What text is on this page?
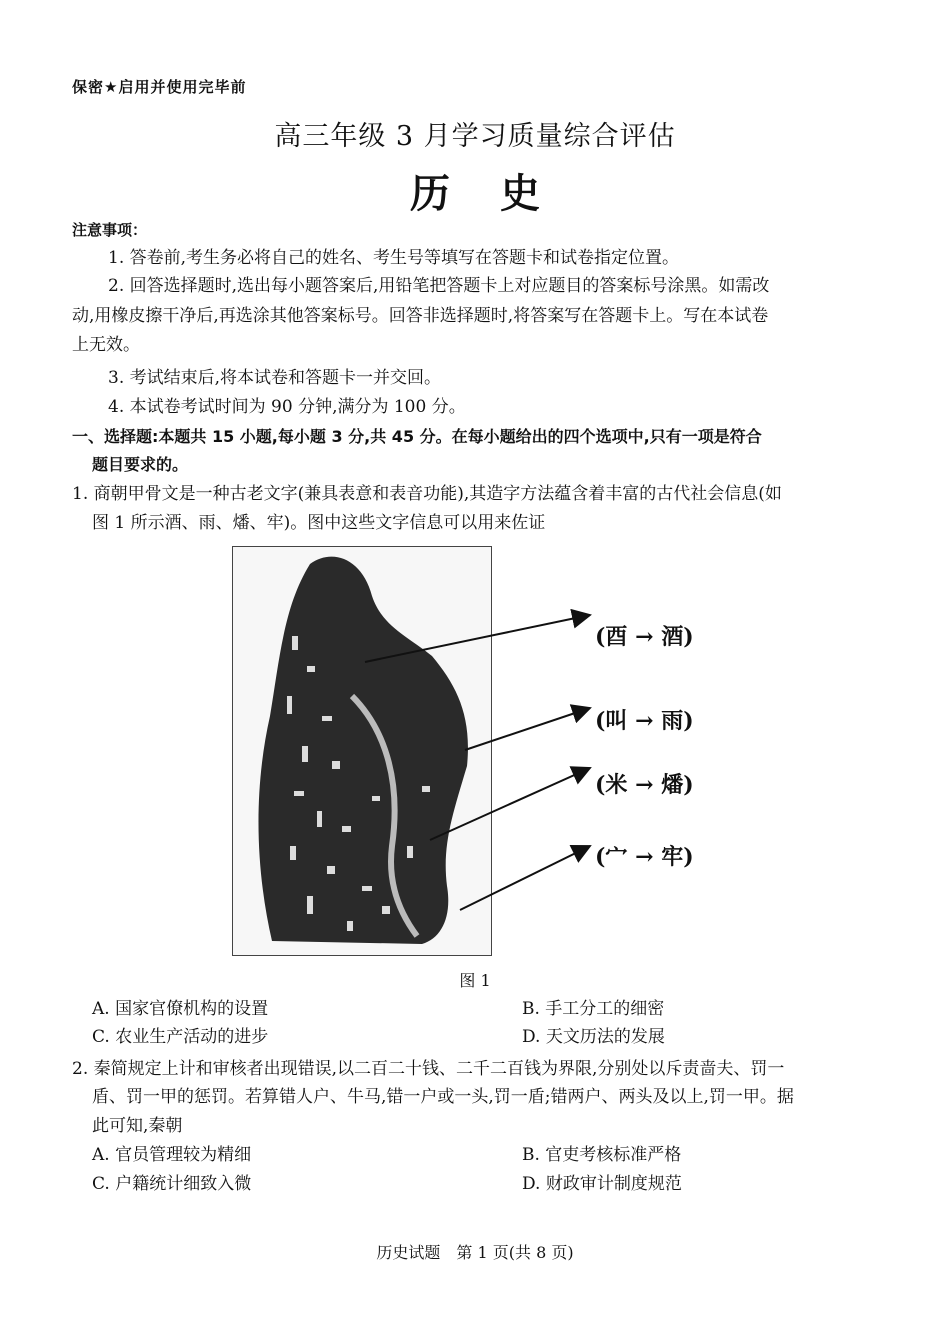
保密★启用并使用完毕前
高三年级 3 月学习质量综合评估
历史
注意事项：
1. 答卷前,考生务必将自己的姓名、考生号等填写在答题卡和试卷指定位置。
2. 回答选择题时,选出每小题答案后,用铅笔把答题卡上对应题目的答案标号涂黑。如需改
动,用橡皮擦干净后,再选涂其他答案标号。回答非选择题时,将答案写在答题卡上。写在本试卷
上无效。
3. 考试结束后,将本试卷和答题卡一并交回。
4. 本试卷考试时间为 90 分钟,满分为 100 分。
一、选择题:本题共 15 小题,每小题 3 分,共 45 分。在每小题给出的四个选项中,只有一项是符合
题目要求的。
1. 商朝甲骨文是一种古老文字(兼具表意和表音功能),其造字方法蕴含着丰富的古代社会信息(如
图 1 所示酒、雨、燔、牢)。图中这些文字信息可以用来佐证
(酉 → 酒)
(叫 → 雨)
(米 → 燔)
(宀 → 牢)
图 1
A. 国家官僚机构的设置	B. 手工分工的细密
C. 农业生产活动的进步	D. 天文历法的发展
2. 秦简规定上计和审核者出现错误,以二百二十钱、二千二百钱为界限,分别处以斥责啬夫、罚一
盾、罚一甲的惩罚。若算错人户、牛马,错一户或一头,罚一盾;错两户、两头及以上,罚一甲。据
此可知,秦朝
A. 官员管理较为精细	B. 官吏考核标准严格
C. 户籍统计细致入微	D. 财政审计制度规范
历史试题　第 1 页(共 8 页)
